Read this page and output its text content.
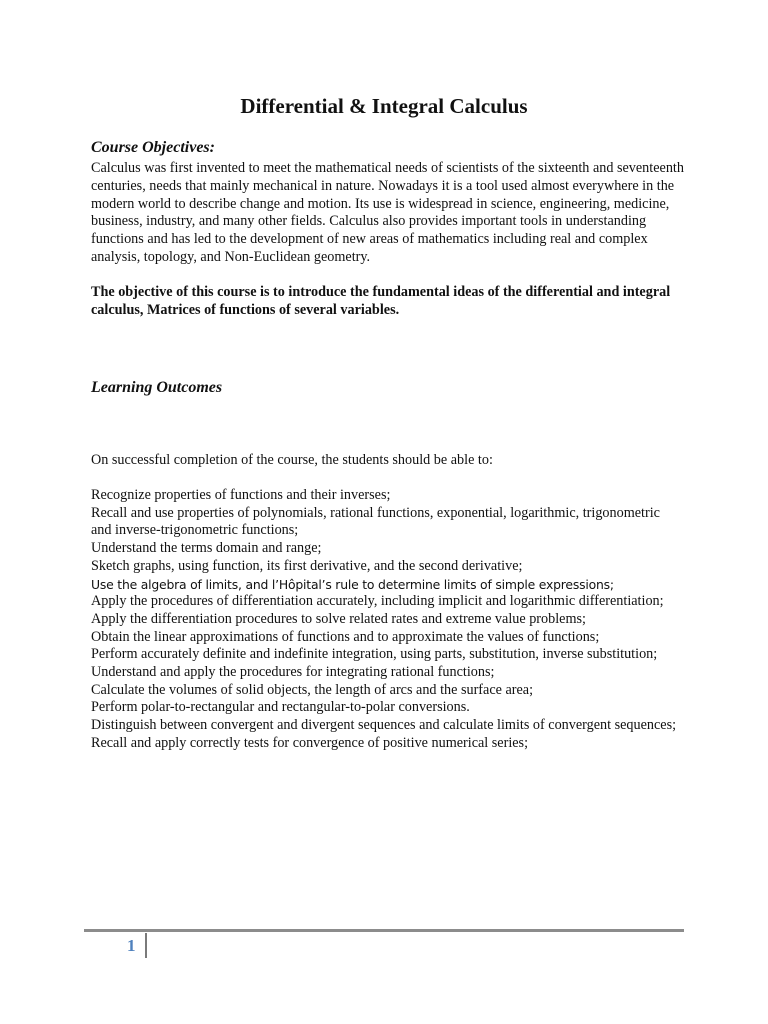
Differential & Integral Calculus
Course Objectives:

Calculus was first invented to meet the mathematical needs of scientists of the sixteenth and seventeenth centuries, needs that mainly mechanical in nature. Nowadays it is a tool used almost everywhere in the modern world to describe change and motion. Its use is widespread in science, engineering, medicine, business, industry, and many other fields. Calculus also provides important tools in understanding functions and has led to the development of new areas of mathematics including real and complex analysis, topology, and Non-Euclidean geometry.

The objective of this course is to introduce the fundamental ideas of the differential and integral calculus, Matrices of functions of several variables.

Learning Outcomes

On successful completion of the course, the students should be able to:

Recognize properties of functions and their inverses;
Recall and use properties of polynomials, rational functions, exponential, logarithmic, trigonometric and inverse-trigonometric functions;
Understand the terms domain and range;
Sketch graphs, using function, its first derivative, and the second derivative;
Use the algebra of limits, and l’Hôpital’s rule to determine limits of simple expressions;
Apply the procedures of differentiation accurately, including implicit and logarithmic differentiation;
Apply the differentiation procedures to solve related rates and extreme value problems;
Obtain the linear approximations of functions and to approximate the values of functions;
Perform accurately definite and indefinite integration, using parts, substitution, inverse substitution;
Understand and apply the procedures for integrating rational functions;
Calculate the volumes of solid objects, the length of arcs and the surface area;
Perform polar-to-rectangular and rectangular-to-polar conversions.
Distinguish between convergent and divergent sequences and calculate limits of convergent sequences;
Recall and apply correctly tests for convergence of positive numerical series;
1
